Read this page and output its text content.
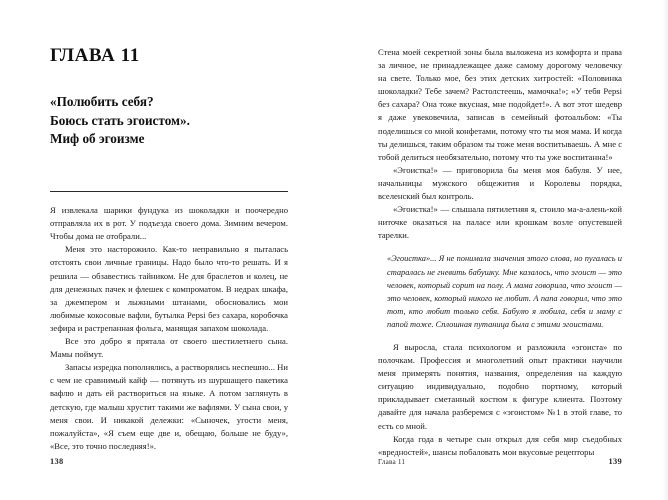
ГЛАВА 11
«Полюбить себя?
Боюсь стать эгоистом».
Миф об эгоизме

Я извлекала шарики фундука из шоколадки и поочередно отправляла их в рот. У подъезда своего дома. Зимним вечером. Чтобы дома не отобрали...

Меня это насторожило. Как-то неправильно я пыталась отстоять свои личные границы. Надо было что-то решать. И я решила — обзавестись тайником. Не для браслетов и колец, не для денежных пачек и флешек с компроматом. В недрах шкафа, за джемпером и лыжными штанами, обосновались мои любимые кокосовые вафли, бутылка Pepsi без сахара, коробочка зефира и растрепанная фольга, манящая запахом шоколада.

Все это добро я прятала от своего шестилетнего сына. Мамы поймут.

Запасы изредка пополнялись, а растворялись неспешно... Ни с чем не сравнимый кайф — потянуть из шуршащего пакетика вафлю и дать ей раствориться на языке. А потом заглянуть в детскую, где малыш хрустит такими же вафлями. У сына свои, у меня свои. И никакой дележки: «Сыночек, угости меня, пожалуйста», «Я съем еще две и, обещаю, больше не буду», «Все, это точно последняя!».

138

Стена моей секретной зоны была выложена из комфорта и права за личное, не принадлежащее даже самому дорогому человечку на свете. Только мое, без этих детских хитростей: «Половинка шоколадки? Тебе зачем? Растолстеешь, мамочка!»; «У тебя Pepsi без сахара? Она тоже вкусная, мне подойдет!». А вот этот шедевр я даже увековечила, записав в семейный фотоальбом: «Ты поделишься со мной конфетами, потому что ты моя мама. И когда ты делишься, таким образом ты тоже меня воспитываешь. А мне с тобой делиться необязательно, потому что ты уже воспитанна!»

«Эгоистка!» — приговорила бы меня моя бабуля. У нее, начальницы мужского общежития и Королевы порядка, вселенский был контроль.

«Эгоистка!» — слышала пятилетняя я, стоило ма-а-алень-кой ниточке оказаться на паласе или крошкам возле опустевшей тарелки.

«Эгоистка»... Я не понимала значения этого слова, но пугалась и старалась не гневить бабушку. Мне казалось, что эгоист — это человек, который сорит на полу. А мама говорила, что эгоист — это человек, который никого не любит. А папа говорил, что это тот, кто любит только себя. Бабулю я любила, себя и маму с папой тоже. Сплошная путаница была с этими эгоистами.

Я выросла, стала психологом и разложила «эгоиста» по полочкам. Профессия и многолетний опыт практики научили меня примерять понятия, названия, определения на каждую ситуацию индивидуально, подобно портному, который прикладывает сметанный костюм к фигуре клиента. Поэтому давайте для начала разберемся с «эгоистом» №1 в этой главе, то есть со мной.

Когда года в четыре сын открыл для себя мир съедобных «вредностей», шансы побаловать мои вкусовые рецепторы

Глава 11	139
